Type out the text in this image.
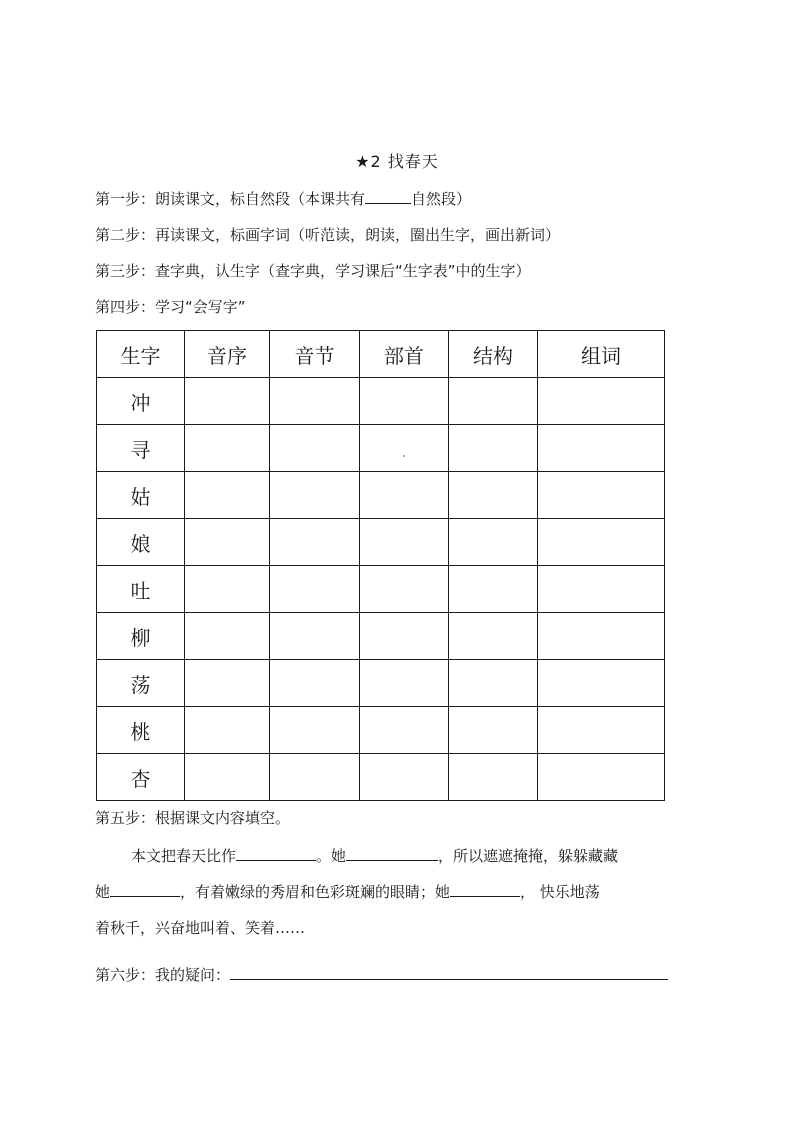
★2 找春天
第一步：朗读课文，标自然段（本课共有	自然段）
第二步：再读课文，标画字词（听范读，朗读，圈出生字，画出新词）
第三步：查字典，认生字（查字典，学习课后“生字表”中的生字）
第四步：学习“会写字”
生字	音序	音节	部首	结构	组词
冲					
寻					
姑					
娘					
吐					
柳					
荡					
桃					
杏					
第五步：根据课文内容填空。
本文把春天比作	。她	，所以遮遮掩掩，躲躲藏藏
她	，有着嫩绿的秀眉和色彩斑斓的眼睛；她	， 快乐地荡
着秋千，兴奋地叫着、笑着……
第六步：我的疑问：
